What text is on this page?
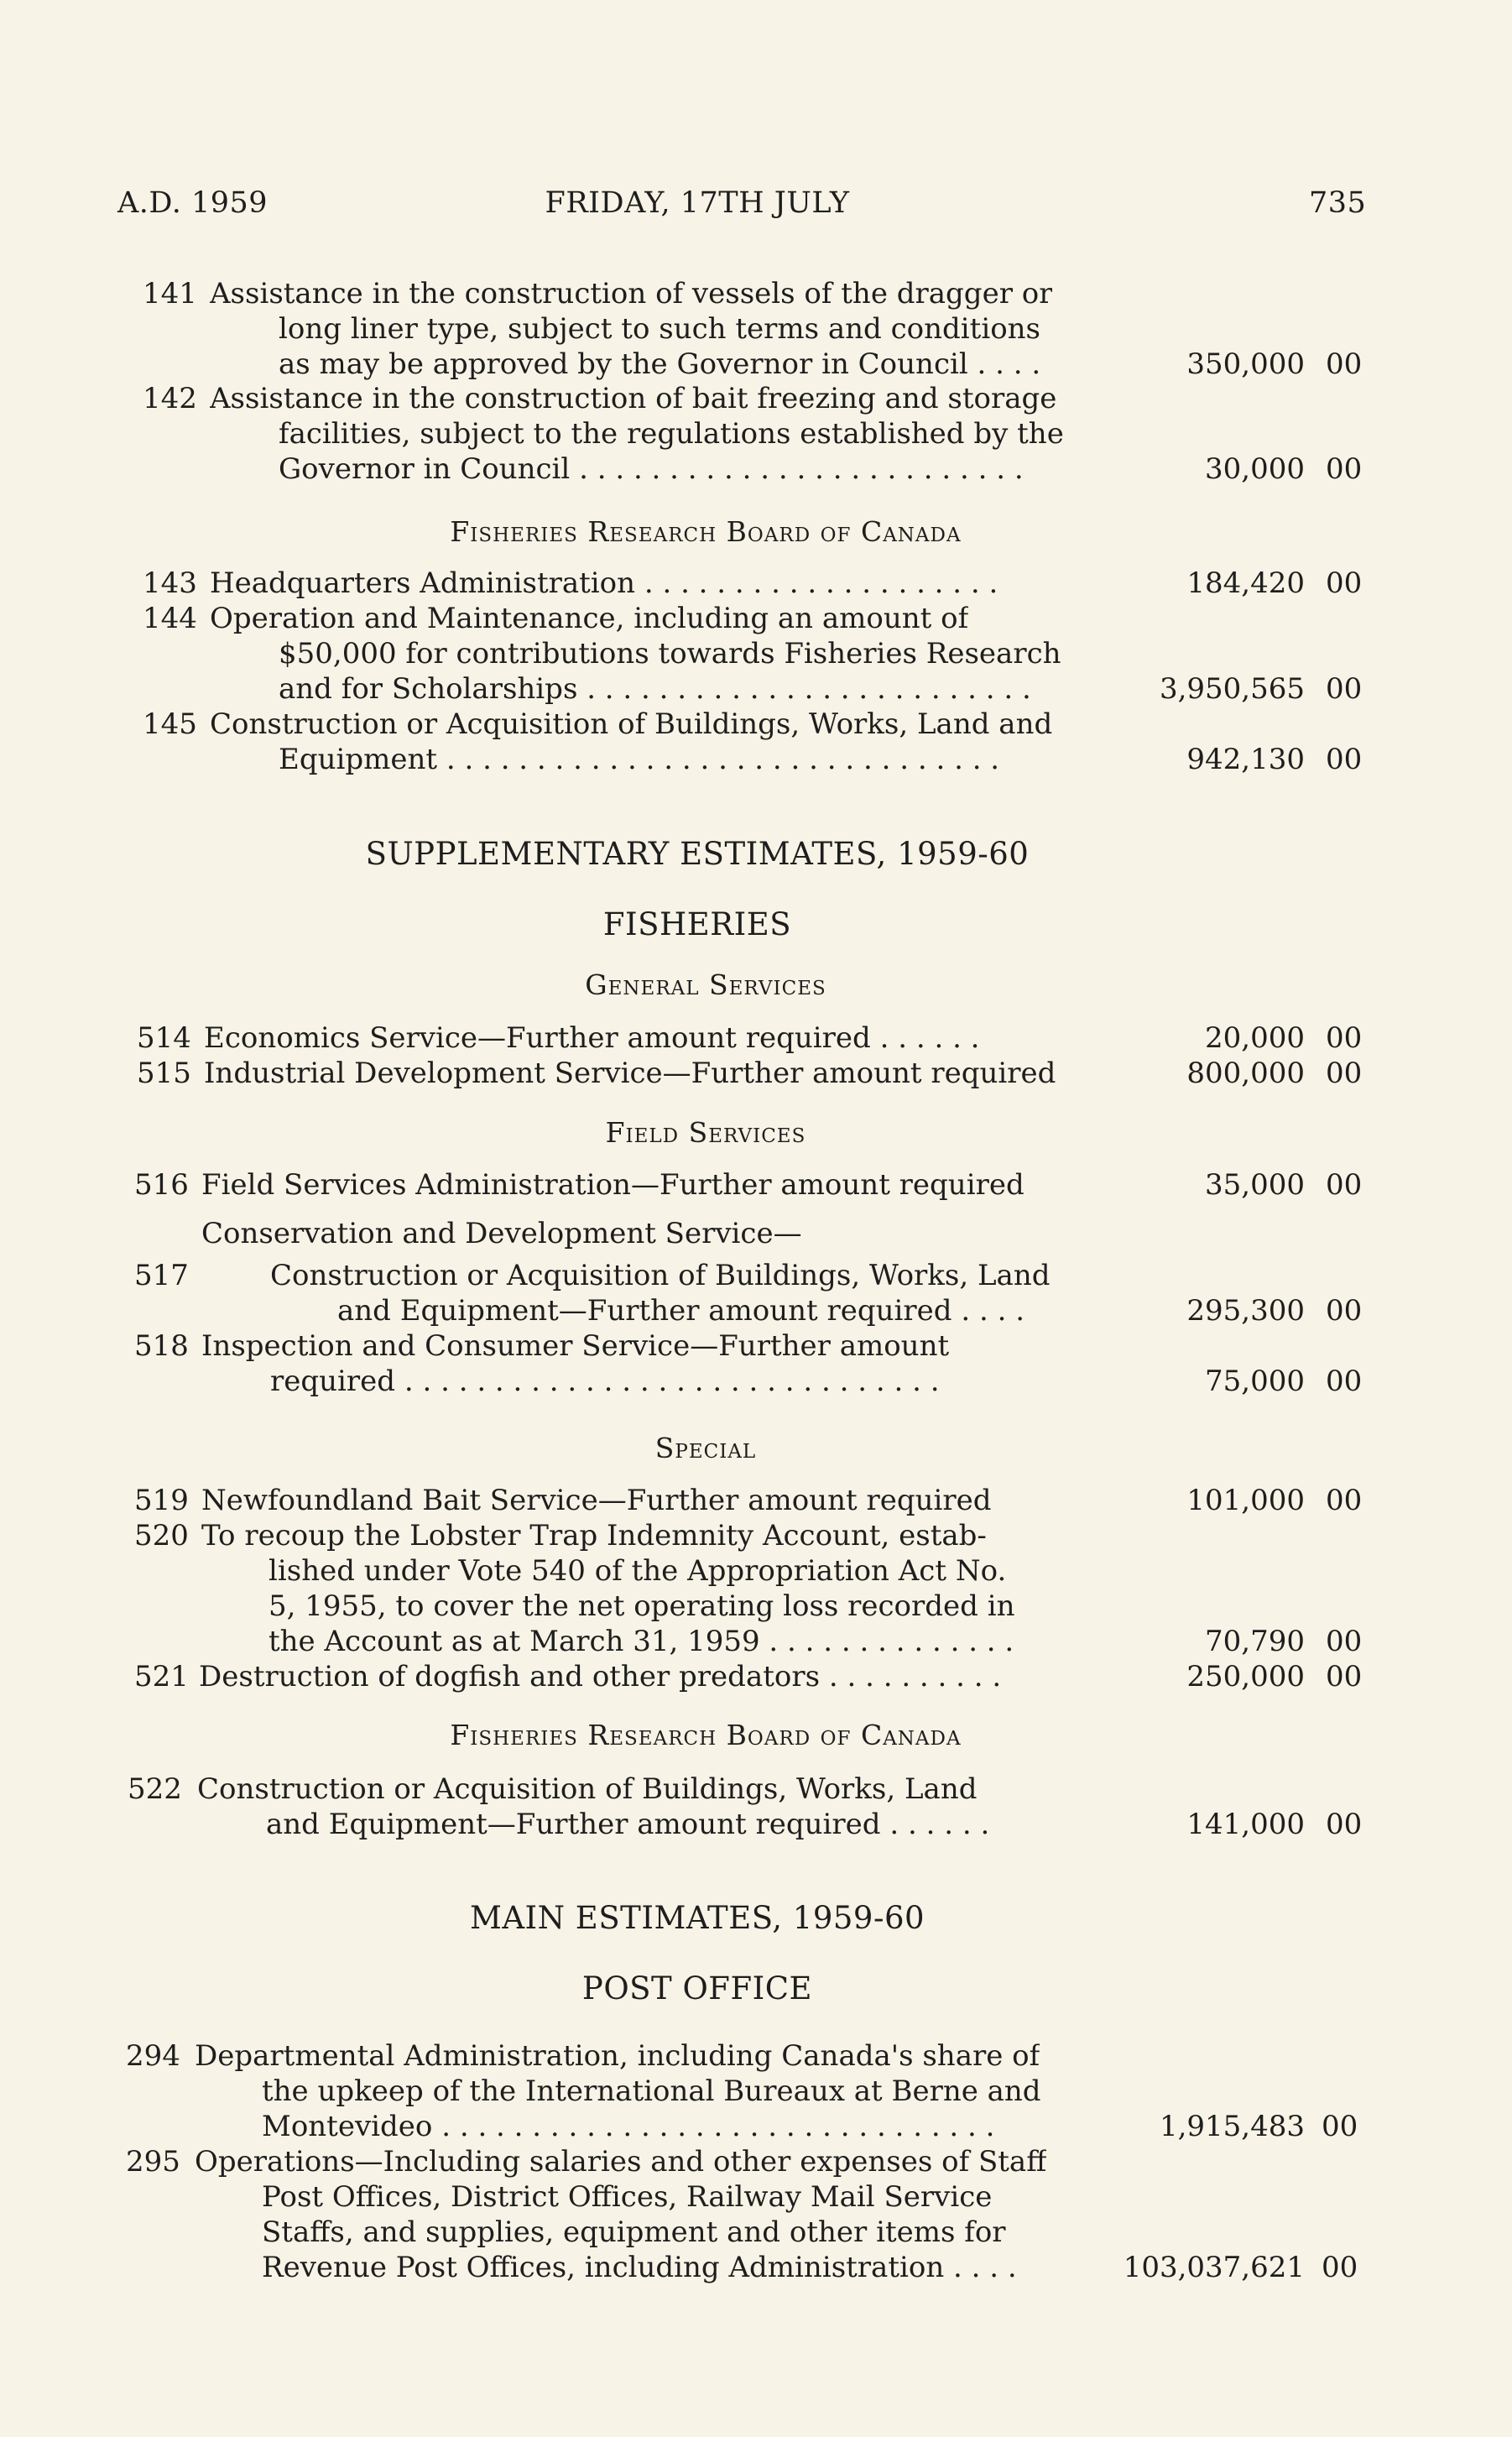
A.D. 1959	FRIDAY, 17TH JULY	735
141 Assistance in the construction of vessels of the dragger or
long liner type, subject to such terms and conditions
as may be approved by the Governor in Council . . . .	350,000 00
142 Assistance in the construction of bait freezing and storage
facilities, subject to the regulations established by the
Governor in Council . . . . . . . . . . . . . . . . . . . . . . . . .	30,000 00
Fisheries Research Board of Canada
143 Headquarters Administration . . . . . . . . . . . . . . . . . . . .	184,420 00
144 Operation and Maintenance, including an amount of
$50,000 for contributions towards Fisheries Research
and for Scholarships . . . . . . . . . . . . . . . . . . . . . . . . .	3,950,565 00
145 Construction or Acquisition of Buildings, Works, Land and
Equipment . . . . . . . . . . . . . . . . . . . . . . . . . . . . . . .	942,130 00
SUPPLEMENTARY ESTIMATES, 1959-60
FISHERIES
General Services
514 Economics Service—Further amount required . . . . . .	20,000 00
515 Industrial Development Service—Further amount required	800,000 00
Field Services
516 Field Services Administration—Further amount required	35,000 00
Conservation and Development Service—
517	Construction or Acquisition of Buildings, Works, Land
and Equipment—Further amount required . . . .	295,300 00
518 Inspection and Consumer Service—Further amount
required . . . . . . . . . . . . . . . . . . . . . . . . . . . . . .	75,000 00
Special
519 Newfoundland Bait Service—Further amount required	101,000 00
520 To recoup the Lobster Trap Indemnity Account, estab-
lished under Vote 540 of the Appropriation Act No.
5, 1955, to cover the net operating loss recorded in
the Account as at March 31, 1959 . . . . . . . . . . . . . .	70,790 00
521 Destruction of dogfish and other predators . . . . . . . . . .	250,000 00
Fisheries Research Board of Canada
522 Construction or Acquisition of Buildings, Works, Land
and Equipment—Further amount required . . . . . .	141,000 00
MAIN ESTIMATES, 1959-60
POST OFFICE
294 Departmental Administration, including Canada's share of
the upkeep of the International Bureaux at Berne and
Montevideo . . . . . . . . . . . . . . . . . . . . . . . . . . . . . . .	1,915,483 00
295 Operations—Including salaries and other expenses of Staff
Post Offices, District Offices, Railway Mail Service
Staffs, and supplies, equipment and other items for
Revenue Post Offices, including Administration . . . .	103,037,621 00
